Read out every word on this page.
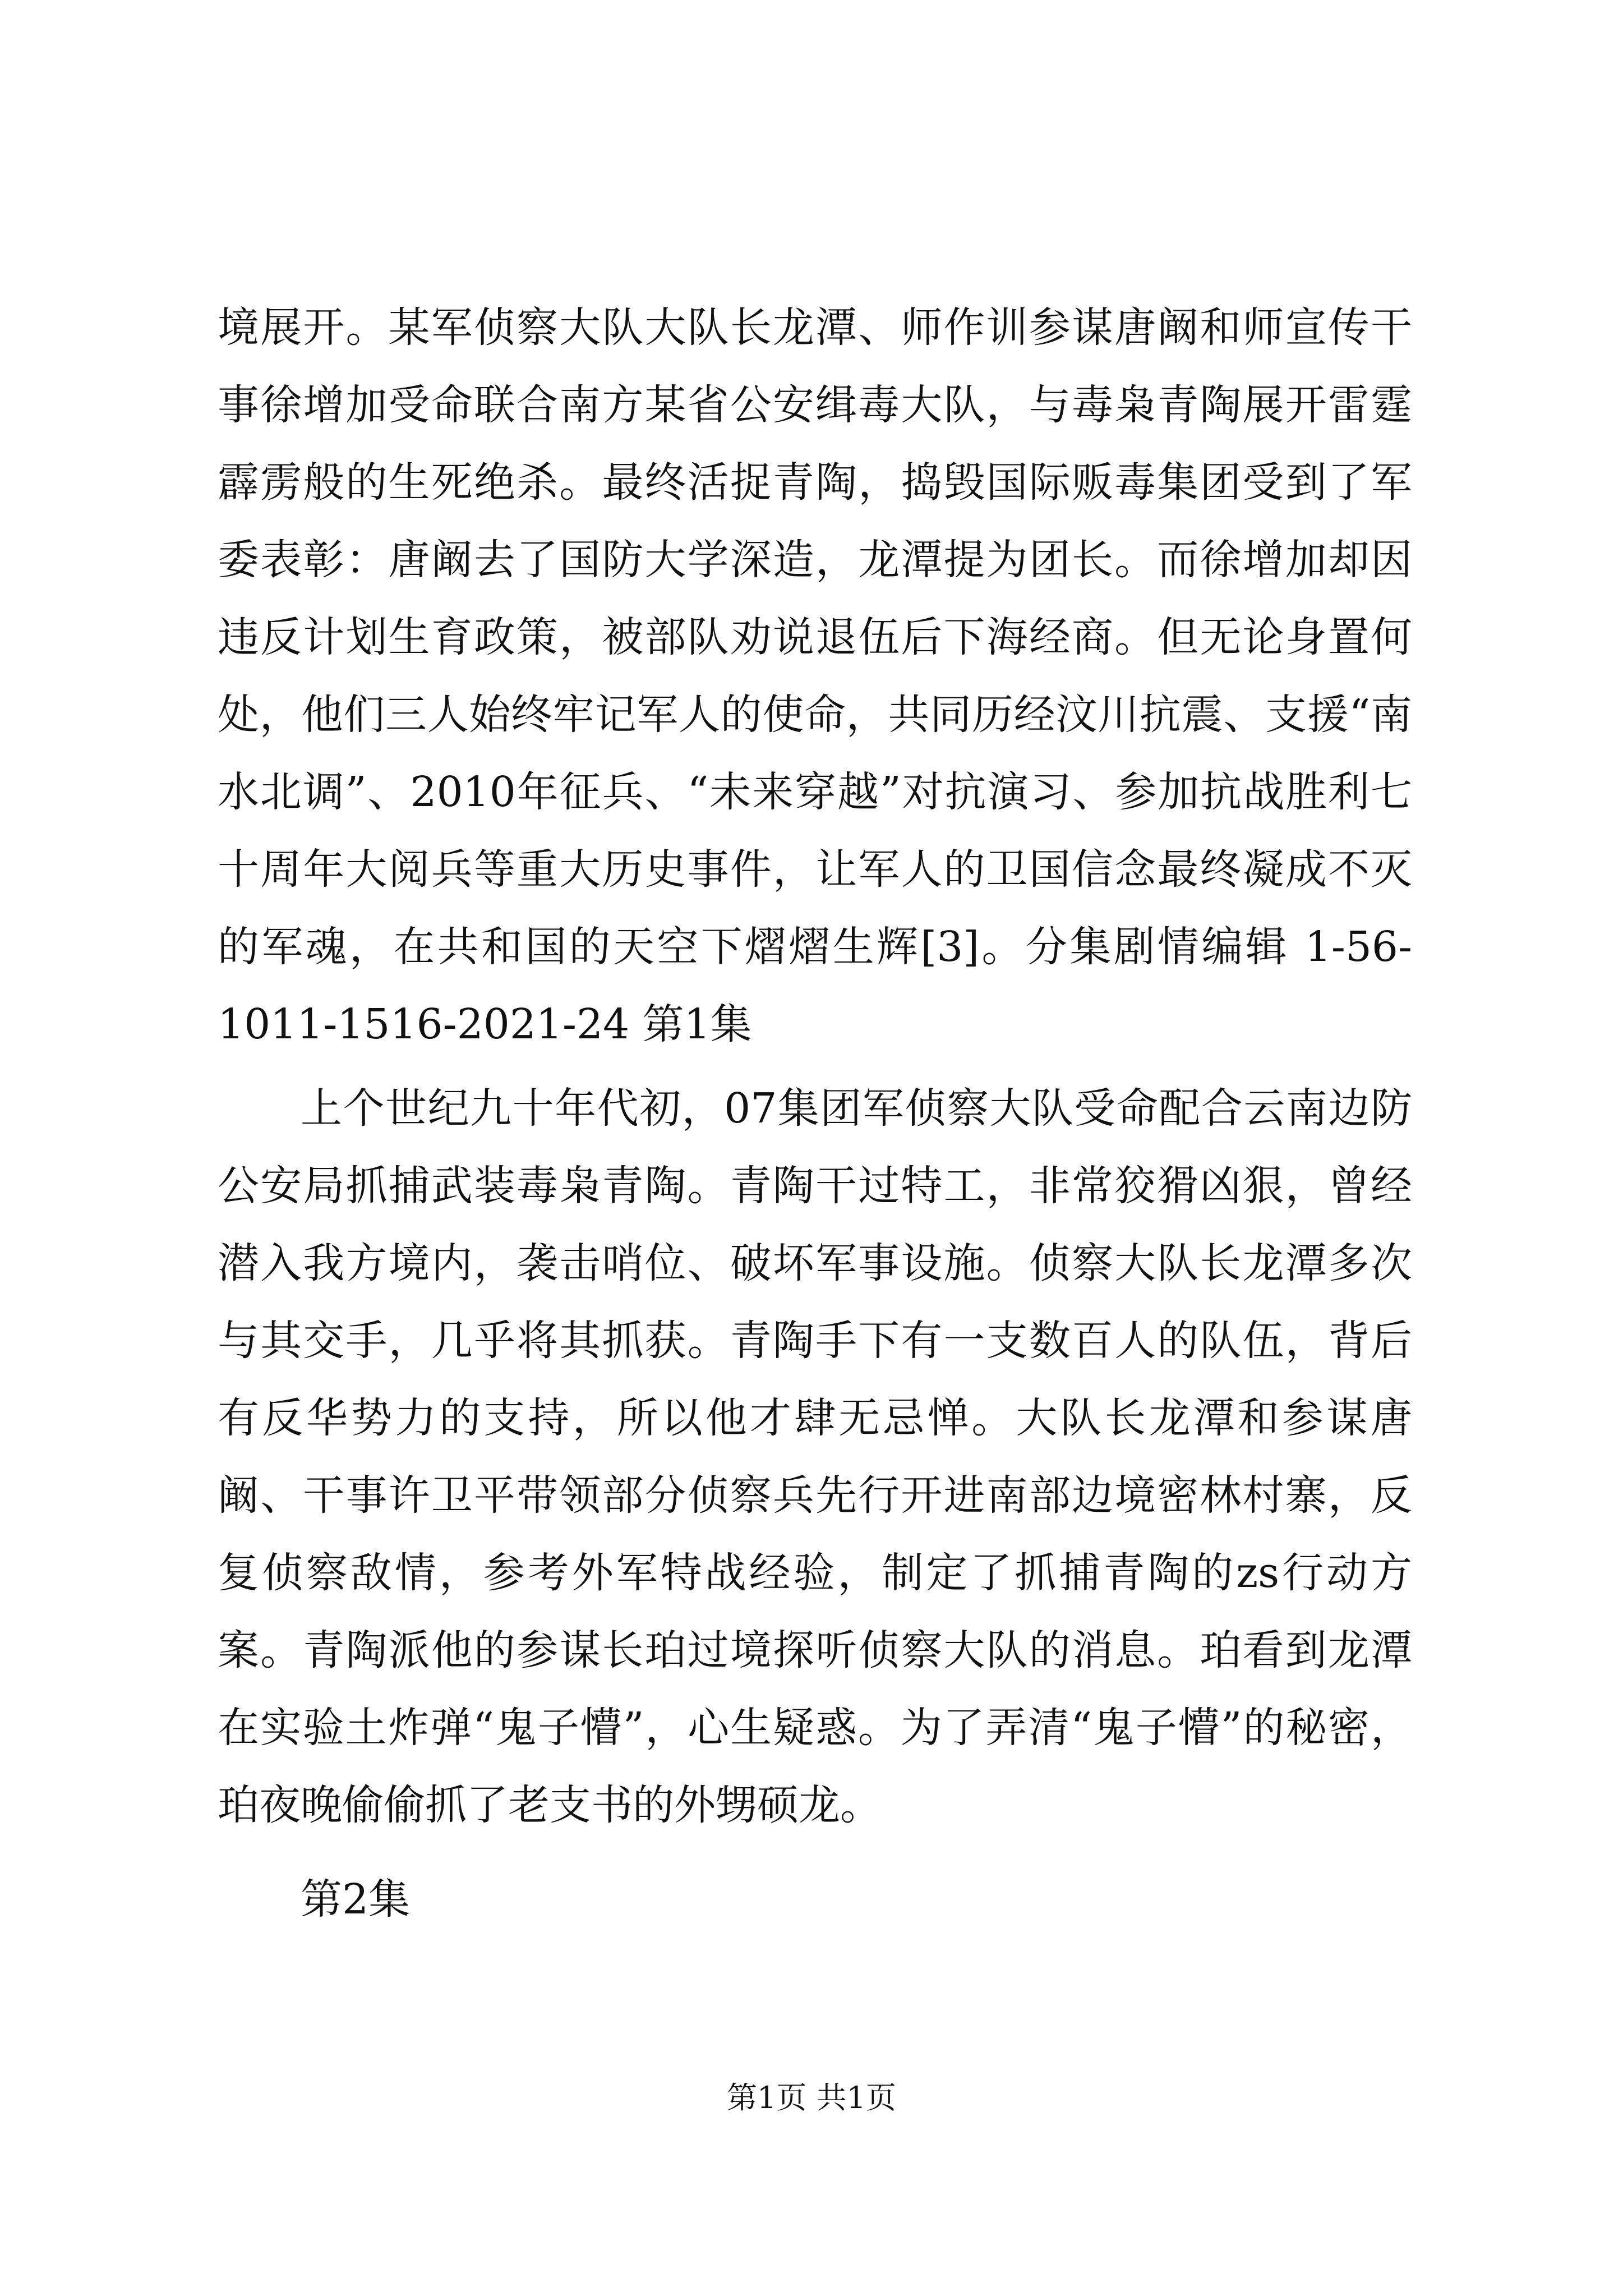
境展开。某军侦察大队大队长龙潭、师作训参谋唐阚和师宣传干事徐增加受命联合南方某省公安缉毒大队，与毒枭青陶展开雷霆霹雳般的生死绝杀。最终活捉青陶，捣毁国际贩毒集团受到了军委表彰：唐阚去了国防大学深造，龙潭提为团长。而徐增加却因违反计划生育政策，被部队劝说退伍后下海经商。但无论身置何处，他们三人始终牢记军人的使命，共同历经汶川抗震、支援“南水北调”、2010年征兵、“未来穿越”对抗演习、参加抗战胜利七十周年大阅兵等重大历史事件，让军人的卫国信念最终凝成不灭的军魂，在共和国的天空下熠熠生辉[3]。分集剧情编辑 1-56-1011-1516-2021-24 第1集

上个世纪九十年代初，07集团军侦察大队受命配合云南边防公安局抓捕武装毒枭青陶。青陶干过特工，非常狡猾凶狠，曾经潜入我方境内，袭击哨位、破坏军事设施。侦察大队长龙潭多次与其交手，几乎将其抓获。青陶手下有一支数百人的队伍，背后有反华势力的支持，所以他才肆无忌惮。大队长龙潭和参谋唐阚、干事许卫平带领部分侦察兵先行开进南部边境密林村寨，反复侦察敌情，参考外军特战经验，制定了抓捕青陶的zs行动方案。青陶派他的参谋长珀过境探听侦察大队的消息。珀看到龙潭在实验土炸弹“鬼子懵”，心生疑惑。为了弄清“鬼子懵”的秘密，珀夜晚偷偷抓了老支书的外甥硕龙。

第2集

第1页 共1页
